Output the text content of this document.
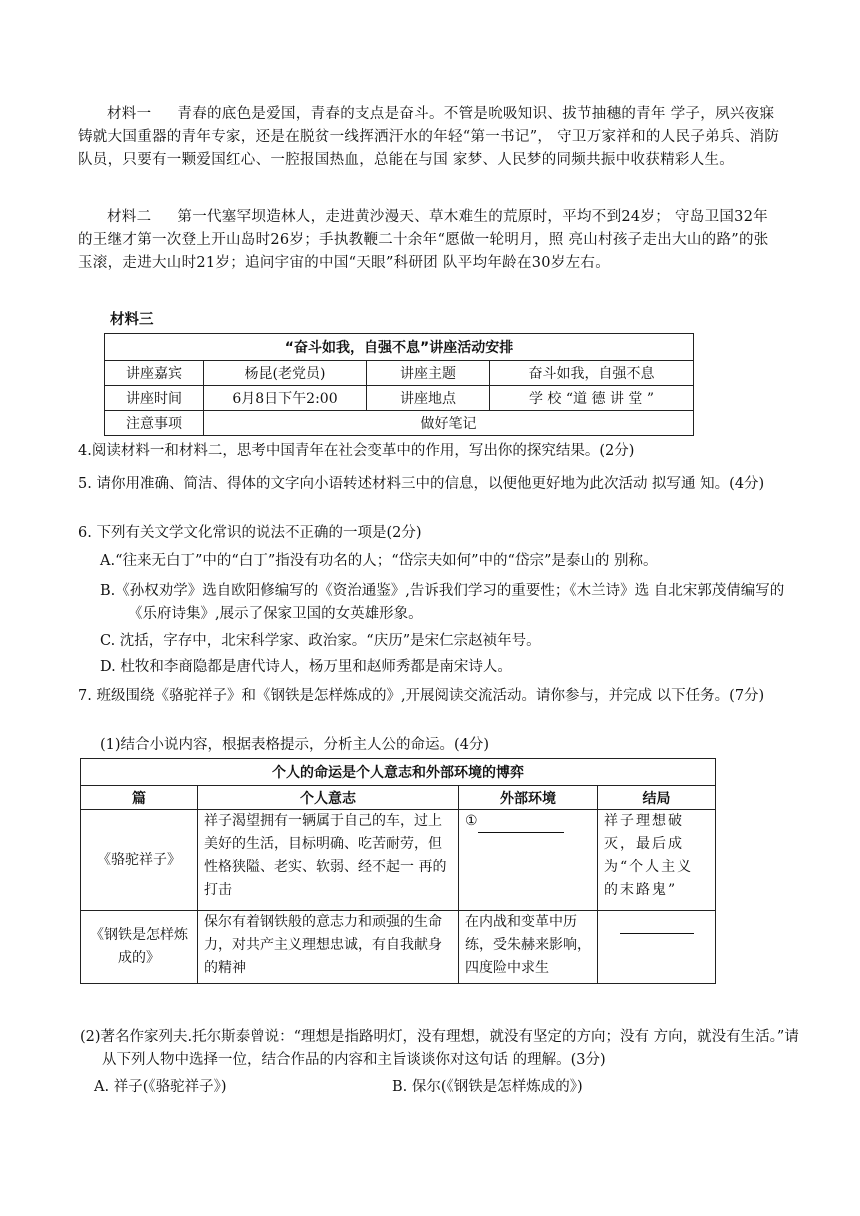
材料一 青春的底色是爱国，青春的支点是奋斗。不管是吮吸知识、拔节抽穗的青年 学子，夙兴夜寐铸就大国重器的青年专家，还是在脱贫一线挥洒汗水的年轻“第一书记”， 守卫万家祥和的人民子弟兵、消防队员，只要有一颗爱国红心、一腔报国热血，总能在与国 家梦、人民梦的同频共振中收获精彩人生。
材料二 第一代塞罕坝造林人，走进黄沙漫天、草木难生的荒原时，平均不到24岁； 守岛卫国32年的王继才第一次登上开山岛时26岁；手执教鞭二十余年“愿做一轮明月，照 亮山村孩子走出大山的路”的张玉滚，走进大山时21岁；追问宇宙的中国“天眼”科研团 队平均年龄在30岁左右。
材料三
“奋斗如我，自强不息”讲座活动安排			
讲座嘉宾	杨昆(老党员)	讲座主题	奋斗如我，自强不息
讲座时间	6月8日下午2:00	讲座地点	学 校 “道 德 讲 堂 ”
注意事项	做好笔记		
4.阅读材料一和材料二，思考中国青年在社会变革中的作用，写出你的探究结果。(2分)
5. 请你用准确、简洁、得体的文字向小语转述材料三中的信息，以便他更好地为此次活动 拟写通 知。(4分)
6. 下列有关文学文化常识的说法不正确的一项是(2分)
A.“往来无白丁”中的“白丁”指没有功名的人；“岱宗夫如何”中的“岱宗”是泰山的 别称。
B.《孙权劝学》选自欧阳修编写的《资治通鉴》,告诉我们学习的重要性；《木兰诗》选 自北宋郭茂倩编写的《乐府诗集》,展示了保家卫国的女英雄形象。
C. 沈括，字存中，北宋科学家、政治家。“庆历”是宋仁宗赵祯年号。
D. 杜牧和李商隐都是唐代诗人，杨万里和赵师秀都是南宋诗人。
7. 班级围绕《骆驼祥子》和《钢铁是怎样炼成的》,开展阅读交流活动。请你参与，并完成 以下任务。(7分)
(1)结合小说内容，根据表格提示，分析主人公的命运。(4分)
个人的命运是个人意志和外部环境的博弈			
篇	个人意志	外部环境	结局
《骆驼祥子》	祥子渴望拥有一辆属于自己的车，过上美好的生活，目标明确、吃苦耐劳，但性格狭隘、老实、软弱、经不起一 再的打击	①	祥子理想破灭，最后成为“个人主义的末路鬼”
《钢铁是怎样炼成的》	保尔有着钢铁般的意志力和顽强的生命力，对共产主义理想忠诚，有自我献身的精神	在内战和变革中历练，受朱赫来影响，四度险中求生	
(2)著名作家列夫.托尔斯泰曾说：“理想是指路明灯，没有理想，就没有坚定的方向；没有 方向，就没有生活。”请从下列人物中选择一位，结合作品的内容和主旨谈谈你对这句话 的理解。(3分)
A. 祥子(《骆驼祥子》)	B. 保尔(《钢铁是怎样炼成的》)
